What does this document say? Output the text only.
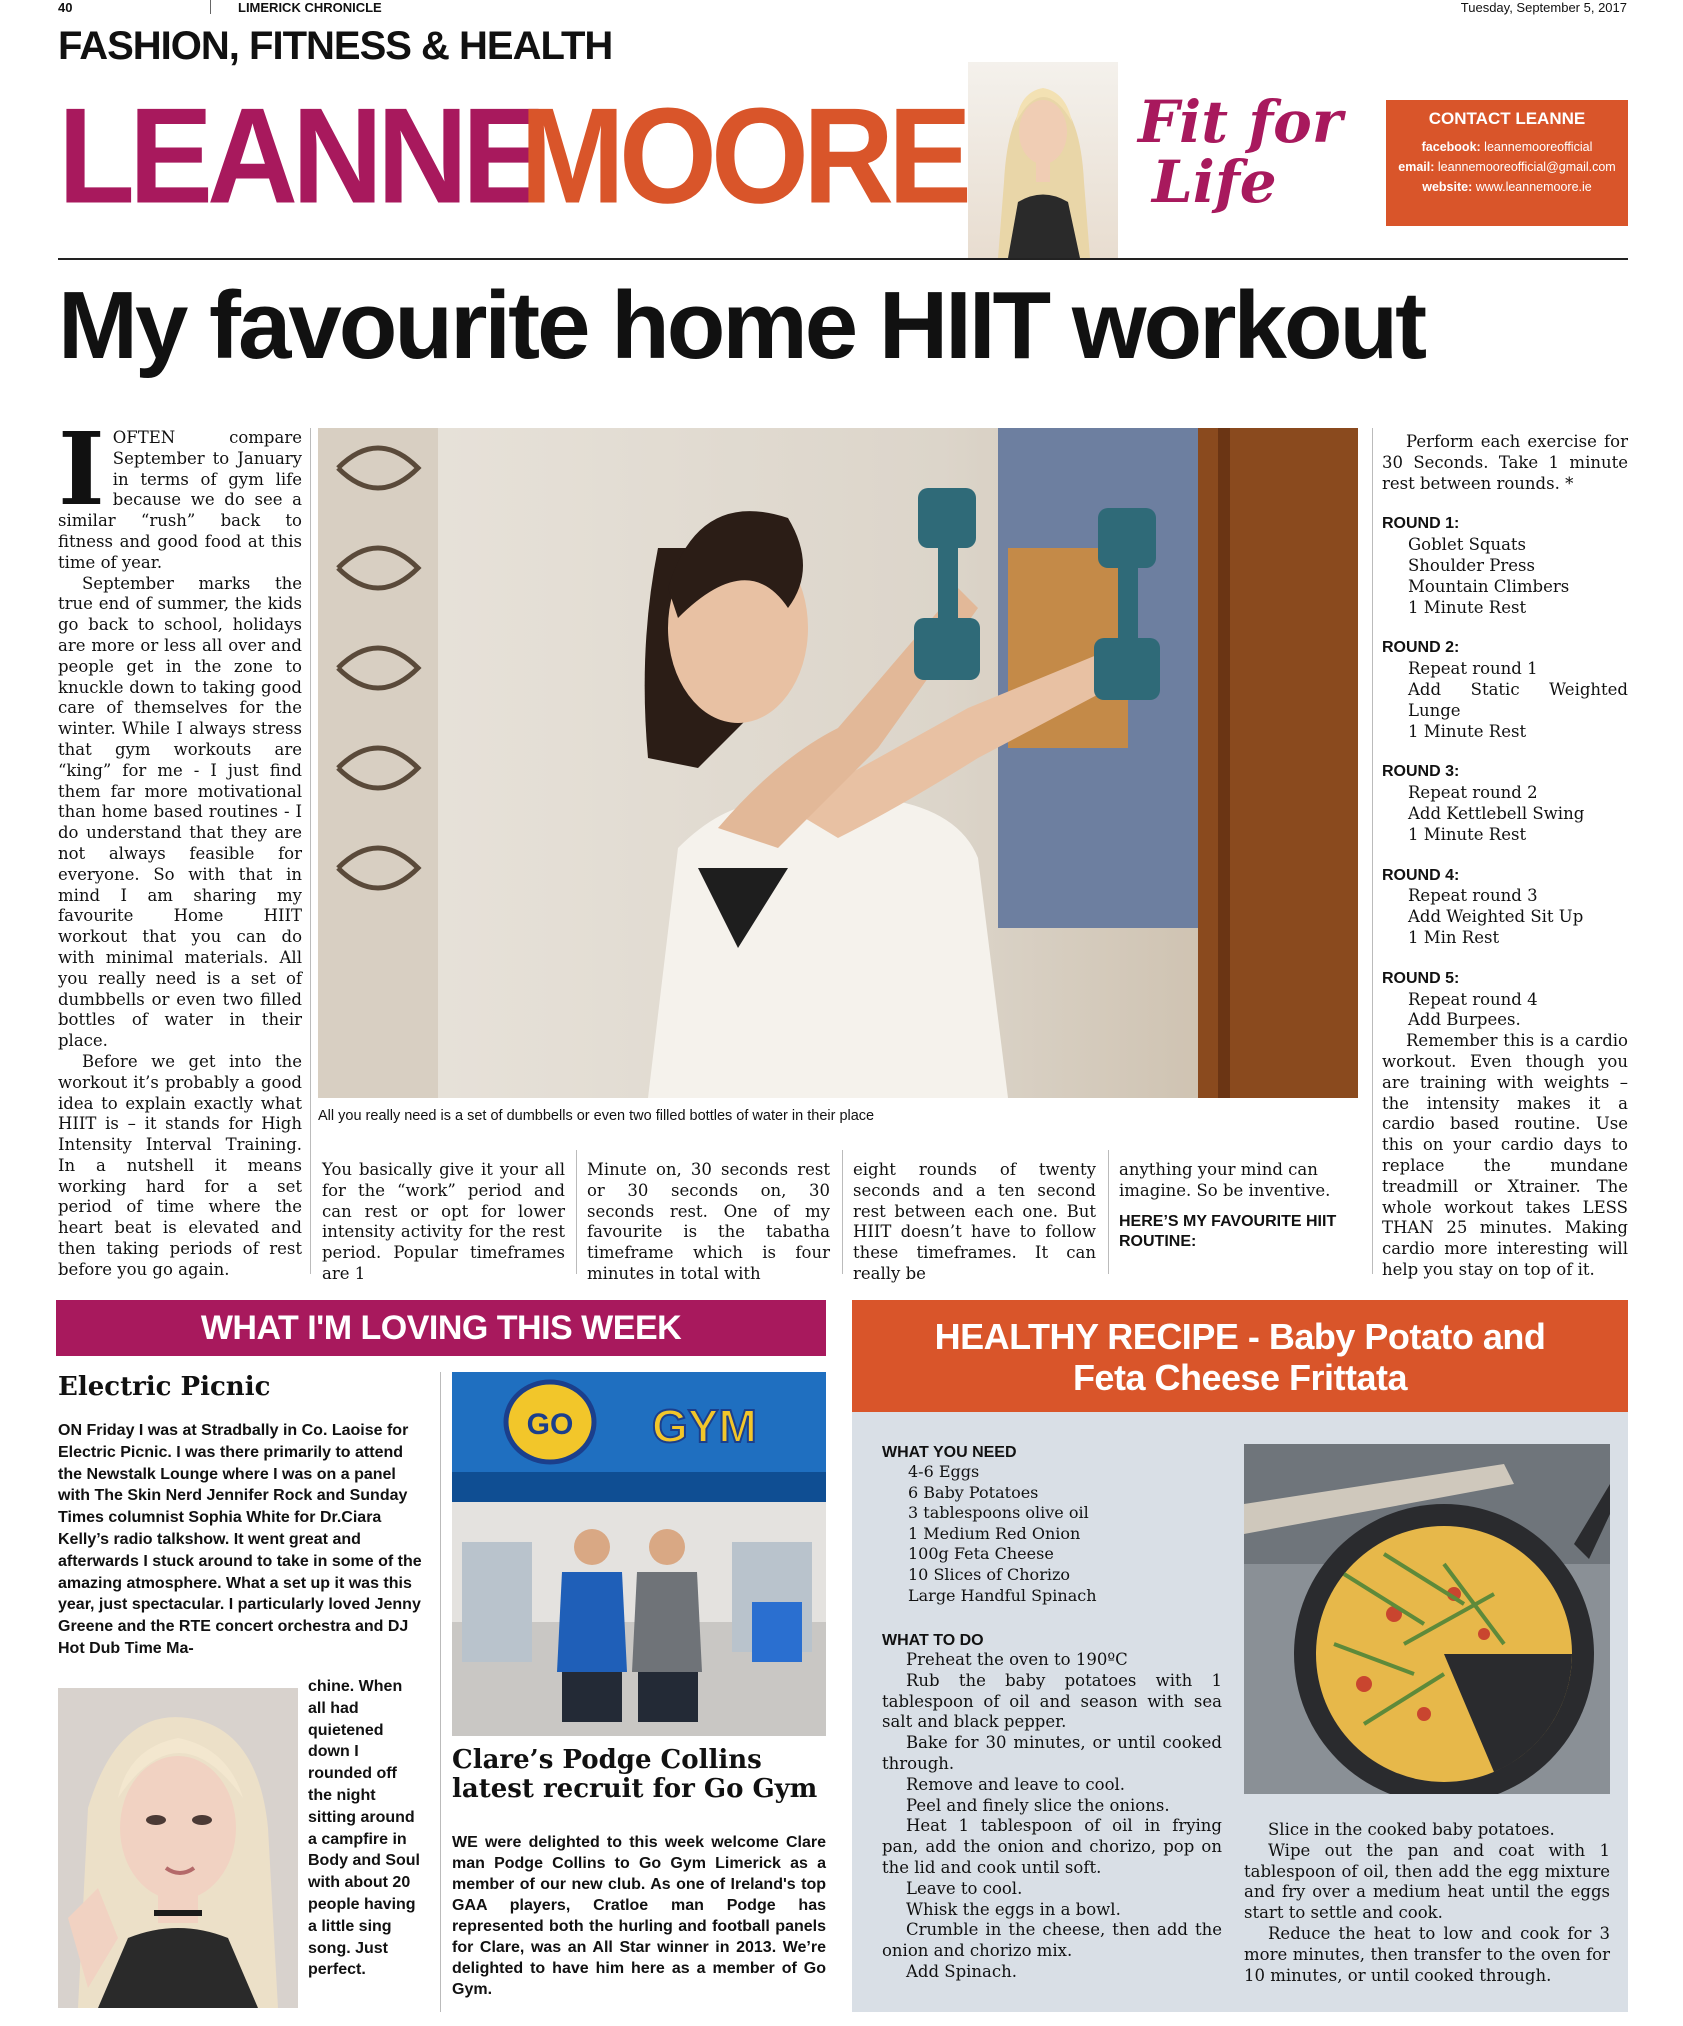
40	LIMERICK CHRONICLE	Tuesday, September 5, 2017
FASHION, FITNESS & HEALTH
LEANNE
MOORE	Fit for
Life
CONTACT LEANNE
facebook: leannemooreofficial
email: leannemooreofficial@gmail.com
website: www.leannemoore.ie
My favourite home HIIT workout
I OFTEN compare September to January in terms of gym life because we do see a similar “rush” back to fitness and good food at this time of year.

September marks the true end of summer, the kids go back to school, holidays are more or less all over and people get in the zone to knuckle down to taking good care of themselves for the winter. While I always stress that gym workouts are “king” for me - I just find them far more motivational than home based routines - I do understand that they are not always feasible for everyone. So with that in mind I am sharing my favourite Home HIIT workout that you can do with minimal materials. All you really need is a set of dumbbells or even two filled bottles of water in their place.

Before we get into the workout it’s probably a good idea to explain exactly what HIIT is – it stands for High Intensity Interval Training. In a nutshell it means working hard for a set period of time where the heart beat is elevated and then taking periods of rest before you go again.

All you really need is a set of dumbbells or even two filled bottles of water in their place

You basically give it your all for the “work” period and can rest or opt for lower intensity activity for the rest period. Popular timeframes are 1

Minute on, 30 seconds rest or 30 seconds on, 30 seconds rest. One of my favourite is the tabatha timeframe which is four minutes in total with

eight rounds of twenty seconds and a ten second rest between each one. But HIIT doesn’t have to follow these timeframes. It can really be

anything your mind can imagine. So be inventive.

HERE’S MY FAVOURITE HIIT ROUTINE:

Perform each exercise for 30 Seconds. Take 1 minute rest between rounds. *

ROUND 1:

Goblet Squats

Shoulder Press

Mountain Climbers

1 Minute Rest

ROUND 2:

Repeat round 1

Add Static Weighted Lunge

1 Minute Rest

ROUND 3:

Repeat round 2

Add Kettlebell Swing

1 Minute Rest

ROUND 4:

Repeat round 3

Add Weighted Sit Up

1 Min Rest

ROUND 5:

Repeat round 4

Add Burpees.

Remember this is a cardio workout. Even though you are training with weights – the intensity makes it a cardio based routine. Use this on your cardio days to replace the mundane treadmill or Xtrainer. The whole workout takes LESS THAN 25 minutes. Making cardio more interesting will help you stay on top of it.

WHAT I'M LOVING THIS WEEK
Electric Picnic
ON Friday I was at Stradbally in Co. Laoise for Electric Picnic. I was there primarily to attend the Newstalk Lounge where I was on a panel with The Skin Nerd Jennifer Rock and Sunday Times columnist Sophia White for Dr.Ciara Kelly’s radio talkshow. It went great and afterwards I stuck around to take in some of the amazing atmosphere. What a set up it was this year, just spectacular. I particularly loved Jenny Greene and the RTE concert orchestra and DJ Hot Dub Time Ma-
chine. When all had quietened down I rounded off the night sitting around a campfire in Body and Soul with about 20 people having a little sing song. Just perfect.
GO GYM
Clare’s Podge Collins latest recruit for Go Gym
WE were delighted to this week welcome Clare man Podge Collins to Go Gym Limerick as a member of our new club. As one of Ireland's top GAA players, Cratloe man Podge has represented both the hurling and football panels for Clare, was an All Star winner in 2013. We’re delighted to have him here as a member of Go Gym.
HEALTHY RECIPE - Baby Potato and
Feta Cheese Frittata
WHAT YOU NEED
4-6 Eggs
6 Baby Potatoes
3 tablespoons olive oil
1 Medium Red Onion
100g Feta Cheese
10 Slices of Chorizo
Large Handful Spinach
WHAT TO DO
Preheat the oven to 190ºC
Rub the baby potatoes with 1 tablespoon of oil and season with sea salt and black pepper.
Bake for 30 minutes, or until cooked through.
Remove and leave to cool.
Peel and finely slice the onions.
Heat 1 tablespoon of oil in frying pan, add the onion and chorizo, pop on the lid and cook until soft.
Leave to cool.
Whisk the eggs in a bowl.
Crumble in the cheese, then add the onion and chorizo mix.
Add Spinach.
Slice in the cooked baby potatoes.
Wipe out the pan and coat with 1 tablespoon of oil, then add the egg mixture and fry over a medium heat until the eggs start to settle and cook.
Reduce the heat to low and cook for 3 more minutes, then transfer to the oven for 10 minutes, or until cooked through.
